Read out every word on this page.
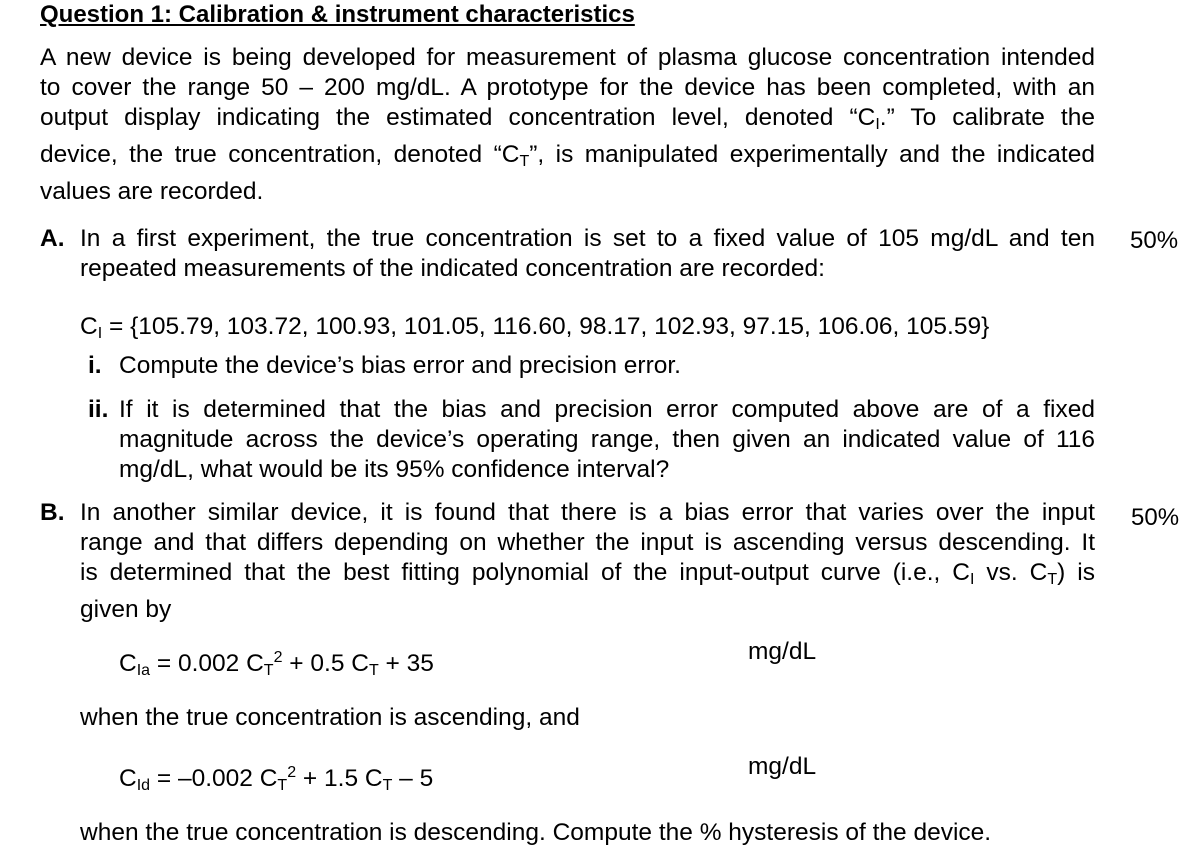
Question 1: Calibration & instrument characteristics
A new device is being developed for measurement of plasma glucose concentration intended
to cover the range 50 – 200 mg/dL. A prototype for the device has been completed, with an
output display indicating the estimated concentration level, denoted “$C_I$.” To calibrate the
device, the true concentration, denoted “$C_T$”, is manipulated experimentally and the indicated
values are recorded.
A. In a first experiment, the true concentration is set to a fixed value of 105 mg/dL and ten
repeated measurements of the indicated concentration are recorded:
50%
$C_I = \{105.79$, 103.72, 100.93, 101.05, 116.60, 98.17, 102.93, 97.15, 106.06, 105.59}
i. Compute the device’s bias error and precision error.
ii. If it is determined that the bias and precision error computed above are of a fixed
magnitude across the device’s operating range, then given an indicated value of 116
mg/dL, what would be its 95% confidence interval?
B. In another similar device, it is found that there is a bias error that varies over the input
range and that differs depending on whether the input is ascending versus descending. It
is determined that the best fitting polynomial of the input-output curve (i.e., $C_I$ vs. $C_T$) is
given by
50%
$C_{Ia} = 0.002$ $C_T^2 + 0.5$ $C_T + 35$	mg/dL
when the true concentration is ascending, and
$C_{Id} = -0.002$ $C_T^2 + 1.5$ $C_T - 5$	mg/dL
when the true concentration is descending. Compute the % hysteresis of the device.
